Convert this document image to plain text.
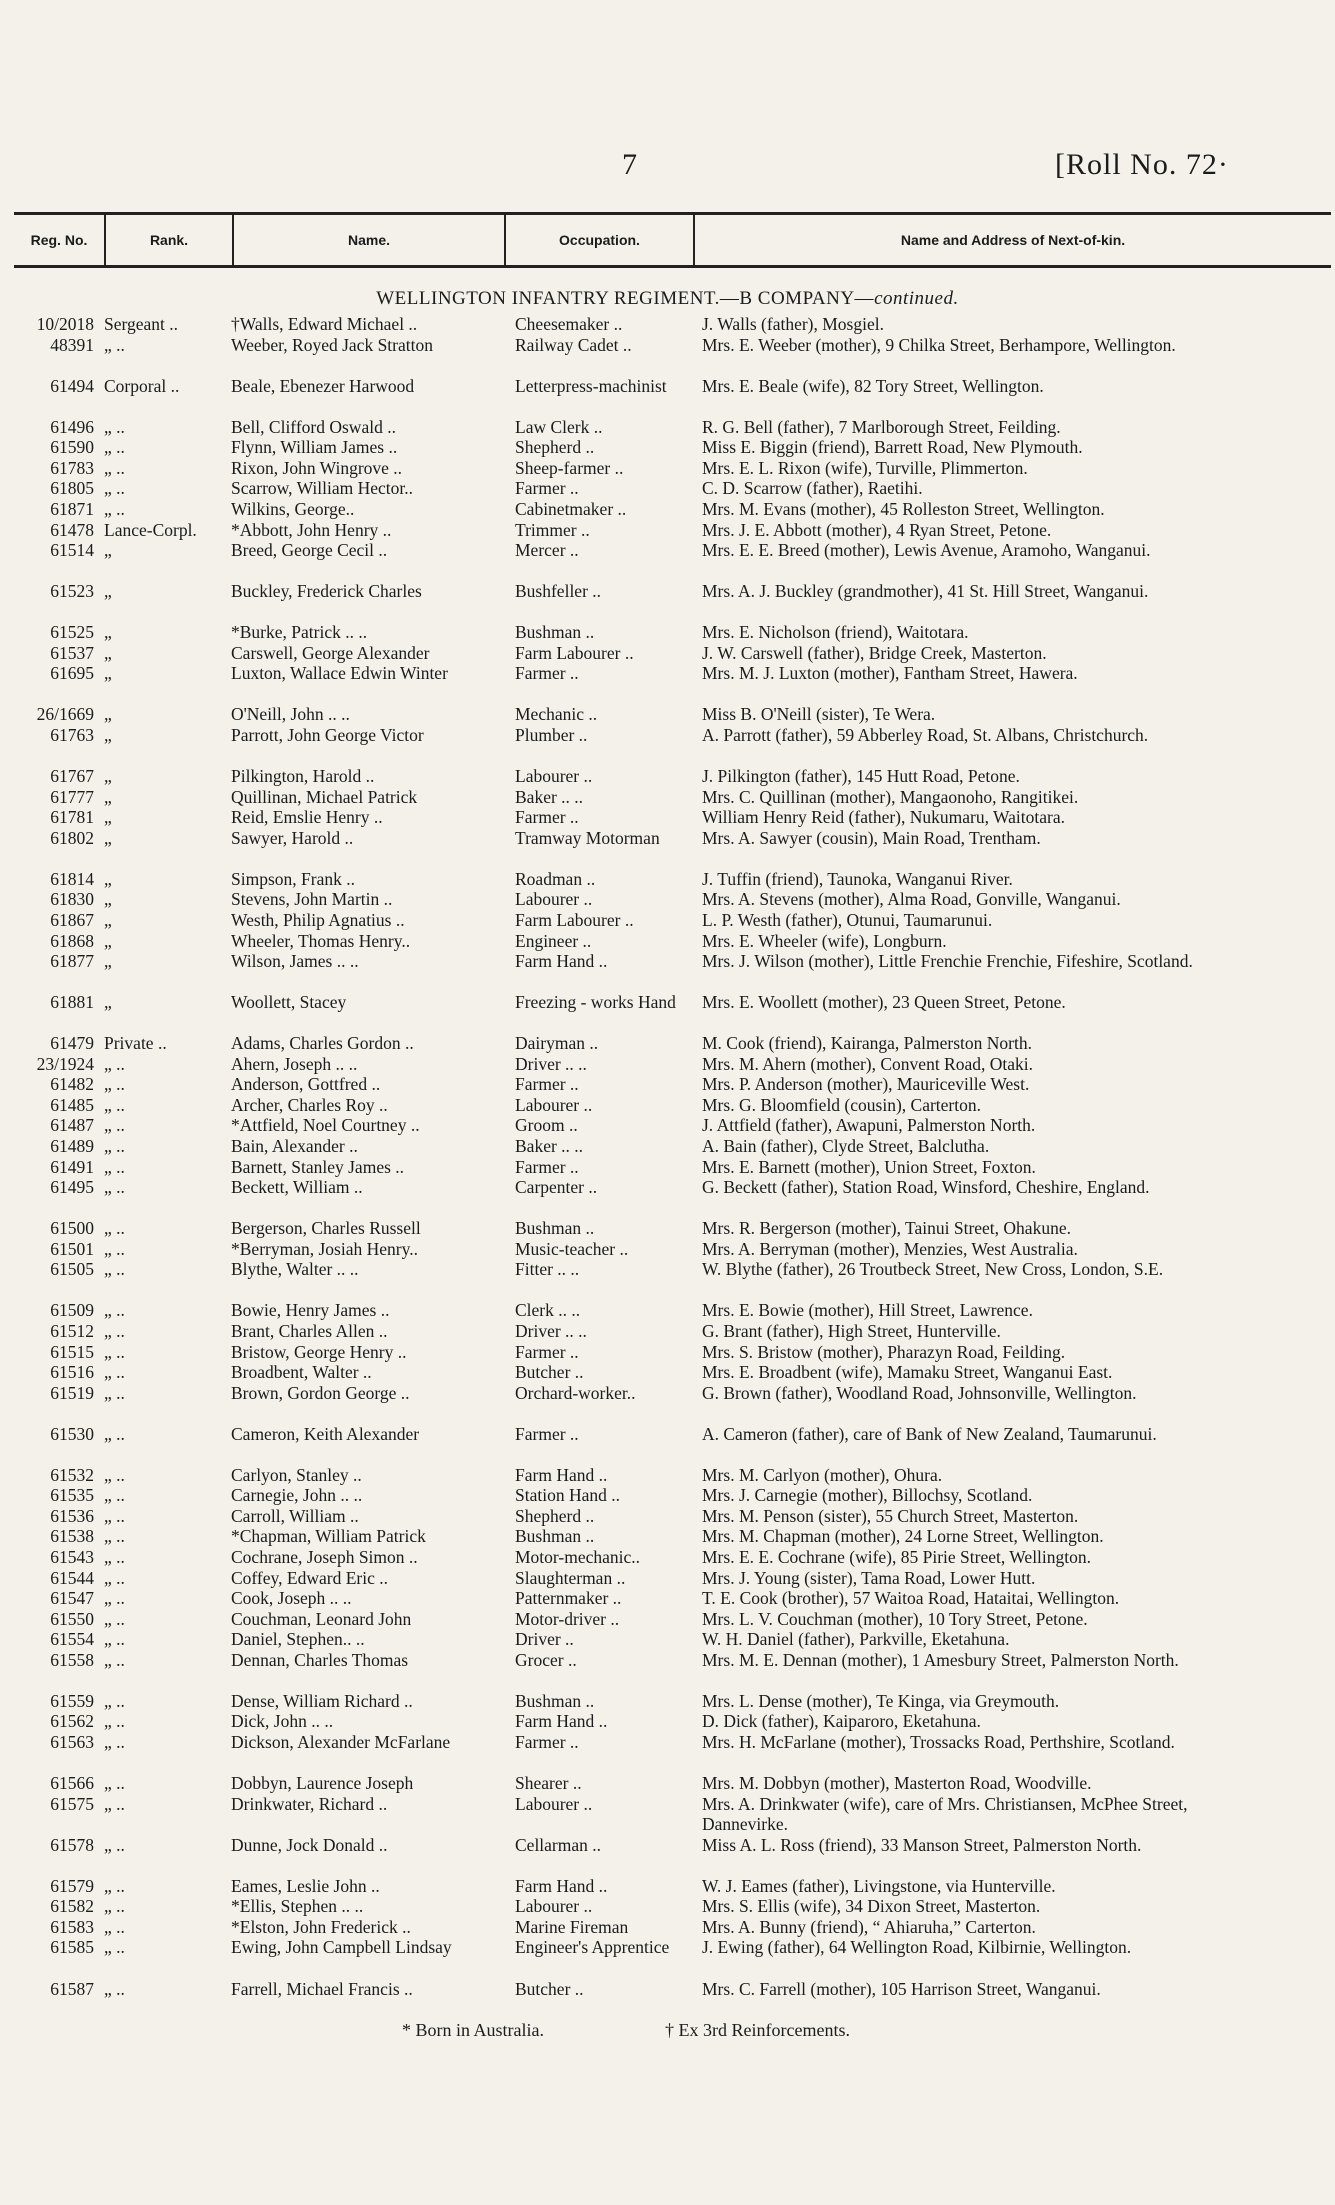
7	[Roll No. 72·
Reg. No.	Rank.	Name.	Occupation.	Name and Address of Next-of-kin.
WELLINGTON INFANTRY REGIMENT.—B COMPANY—continued.
10/2018 Sergeant ..	†Walls, Edward Michael ..	Cheesemaker ..	J. Walls (father), Mosgiel.
48391 „ ..	Weeber, Royed Jack Stratton	Railway Cadet ..	Mrs. E. Weeber (mother), 9 Chilka Street, Berhampore, Wellington.
61494 Corporal ..	Beale, Ebenezer Harwood	Letterpress-machinist	Mrs. E. Beale (wife), 82 Tory Street, Wellington.
61496 „ ..	Bell, Clifford Oswald ..	Law Clerk ..	R. G. Bell (father), 7 Marlborough Street, Feilding.
61590 „ ..	Flynn, William James ..	Shepherd ..	Miss E. Biggin (friend), Barrett Road, New Plymouth.
61783 „ ..	Rixon, John Wingrove ..	Sheep-farmer ..	Mrs. E. L. Rixon (wife), Turville, Plimmerton.
61805 „ ..	Scarrow, William Hector..	Farmer ..	C. D. Scarrow (father), Raetihi.
61871 „ ..	Wilkins, George..	Cabinetmaker ..	Mrs. M. Evans (mother), 45 Rolleston Street, Wellington.
61478 Lance-Corpl.	*Abbott, John Henry ..	Trimmer ..	Mrs. J. E. Abbott (mother), 4 Ryan Street, Petone.
61514 „	Breed, George Cecil ..	Mercer ..	Mrs. E. E. Breed (mother), Lewis Avenue, Aramoho, Wanganui.
61523 „	Buckley, Frederick Charles	Bushfeller ..	Mrs. A. J. Buckley (grandmother), 41 St. Hill Street, Wanganui.
61525 „	*Burke, Patrick .. ..	Bushman ..	Mrs. E. Nicholson (friend), Waitotara.
61537 „	Carswell, George Alexander	Farm Labourer ..	J. W. Carswell (father), Bridge Creek, Masterton.
61695 „	Luxton, Wallace Edwin Winter	Farmer ..	Mrs. M. J. Luxton (mother), Fantham Street, Hawera.
26/1669 „	O'Neill, John .. ..	Mechanic ..	Miss B. O'Neill (sister), Te Wera.
61763 „	Parrott, John George Victor	Plumber ..	A. Parrott (father), 59 Abberley Road, St. Albans, Christchurch.
61767 „	Pilkington, Harold ..	Labourer ..	J. Pilkington (father), 145 Hutt Road, Petone.
61777 „	Quillinan, Michael Patrick	Baker .. ..	Mrs. C. Quillinan (mother), Mangaonoho, Rangitikei.
61781 „	Reid, Emslie Henry ..	Farmer ..	William Henry Reid (father), Nukumaru, Waitotara.
61802 „	Sawyer, Harold ..	Tramway Motorman	Mrs. A. Sawyer (cousin), Main Road, Trentham.
61814 „	Simpson, Frank ..	Roadman ..	J. Tuffin (friend), Taunoka, Wanganui River.
61830 „	Stevens, John Martin ..	Labourer ..	Mrs. A. Stevens (mother), Alma Road, Gonville, Wanganui.
61867 „	Westh, Philip Agnatius ..	Farm Labourer ..	L. P. Westh (father), Otunui, Taumarunui.
61868 „	Wheeler, Thomas Henry..	Engineer ..	Mrs. E. Wheeler (wife), Longburn.
61877 „	Wilson, James .. ..	Farm Hand ..	Mrs. J. Wilson (mother), Little Frenchie Frenchie, Fifeshire, Scotland.
61881 „	Woollett, Stacey	Freezing - works Hand	Mrs. E. Woollett (mother), 23 Queen Street, Petone.
61479 Private ..	Adams, Charles Gordon ..	Dairyman ..	M. Cook (friend), Kairanga, Palmerston North.
23/1924 „ ..	Ahern, Joseph .. ..	Driver .. ..	Mrs. M. Ahern (mother), Convent Road, Otaki.
61482 „ ..	Anderson, Gottfred ..	Farmer ..	Mrs. P. Anderson (mother), Mauriceville West.
61485 „ ..	Archer, Charles Roy ..	Labourer ..	Mrs. G. Bloomfield (cousin), Carterton.
61487 „ ..	*Attfield, Noel Courtney ..	Groom ..	J. Attfield (father), Awapuni, Palmerston North.
61489 „ ..	Bain, Alexander ..	Baker .. ..	A. Bain (father), Clyde Street, Balclutha.
61491 „ ..	Barnett, Stanley James ..	Farmer ..	Mrs. E. Barnett (mother), Union Street, Foxton.
61495 „ ..	Beckett, William ..	Carpenter ..	G. Beckett (father), Station Road, Winsford, Cheshire, England.
61500 „ ..	Bergerson, Charles Russell	Bushman ..	Mrs. R. Bergerson (mother), Tainui Street, Ohakune.
61501 „ ..	*Berryman, Josiah Henry..	Music-teacher ..	Mrs. A. Berryman (mother), Menzies, West Australia.
61505 „ ..	Blythe, Walter .. ..	Fitter .. ..	W. Blythe (father), 26 Troutbeck Street, New Cross, London, S.E.
61509 „ ..	Bowie, Henry James ..	Clerk .. ..	Mrs. E. Bowie (mother), Hill Street, Lawrence.
61512 „ ..	Brant, Charles Allen ..	Driver .. ..	G. Brant (father), High Street, Hunterville.
61515 „ ..	Bristow, George Henry ..	Farmer ..	Mrs. S. Bristow (mother), Pharazyn Road, Feilding.
61516 „ ..	Broadbent, Walter ..	Butcher ..	Mrs. E. Broadbent (wife), Mamaku Street, Wanganui East.
61519 „ ..	Brown, Gordon George ..	Orchard-worker..	G. Brown (father), Woodland Road, Johnsonville, Wellington.
61530 „ ..	Cameron, Keith Alexander	Farmer ..	A. Cameron (father), care of Bank of New Zealand, Taumarunui.
61532 „ ..	Carlyon, Stanley ..	Farm Hand ..	Mrs. M. Carlyon (mother), Ohura.
61535 „ ..	Carnegie, John .. ..	Station Hand ..	Mrs. J. Carnegie (mother), Billochsy, Scotland.
61536 „ ..	Carroll, William ..	Shepherd ..	Mrs. M. Penson (sister), 55 Church Street, Masterton.
61538 „ ..	*Chapman, William Patrick	Bushman ..	Mrs. M. Chapman (mother), 24 Lorne Street, Wellington.
61543 „ ..	Cochrane, Joseph Simon ..	Motor-mechanic..	Mrs. E. E. Cochrane (wife), 85 Pirie Street, Wellington.
61544 „ ..	Coffey, Edward Eric ..	Slaughterman ..	Mrs. J. Young (sister), Tama Road, Lower Hutt.
61547 „ ..	Cook, Joseph .. ..	Patternmaker ..	T. E. Cook (brother), 57 Waitoa Road, Hataitai, Wellington.
61550 „ ..	Couchman, Leonard John	Motor-driver ..	Mrs. L. V. Couchman (mother), 10 Tory Street, Petone.
61554 „ ..	Daniel, Stephen.. ..	Driver ..	W. H. Daniel (father), Parkville, Eketahuna.
61558 „ ..	Dennan, Charles Thomas	Grocer ..	Mrs. M. E. Dennan (mother), 1 Amesbury Street, Palmerston North.
61559 „ ..	Dense, William Richard ..	Bushman ..	Mrs. L. Dense (mother), Te Kinga, via Greymouth.
61562 „ ..	Dick, John .. ..	Farm Hand ..	D. Dick (father), Kaiparoro, Eketahuna.
61563 „ ..	Dickson, Alexander McFarlane	Farmer ..	Mrs. H. McFarlane (mother), Trossacks Road, Perthshire, Scotland.
61566 „ ..	Dobbyn, Laurence Joseph	Shearer ..	Mrs. M. Dobbyn (mother), Masterton Road, Woodville.
61575 „ ..	Drinkwater, Richard ..	Labourer ..	Mrs. A. Drinkwater (wife), care of Mrs. Christiansen, McPhee Street, Dannevirke.
61578 „ ..	Dunne, Jock Donald ..	Cellarman ..	Miss A. L. Ross (friend), 33 Manson Street, Palmerston North.
61579 „ ..	Eames, Leslie John ..	Farm Hand ..	W. J. Eames (father), Livingstone, via Hunterville.
61582 „ ..	*Ellis, Stephen .. ..	Labourer ..	Mrs. S. Ellis (wife), 34 Dixon Street, Masterton.
61583 „ ..	*Elston, John Frederick ..	Marine Fireman	Mrs. A. Bunny (friend), “ Ahiaruha,” Carterton.
61585 „ ..	Ewing, John Campbell Lindsay	Engineer's Apprentice	J. Ewing (father), 64 Wellington Road, Kilbirnie, Wellington.
61587 „ ..	Farrell, Michael Francis ..	Butcher ..	Mrs. C. Farrell (mother), 105 Harrison Street, Wanganui.
* Born in Australia.	† Ex 3rd Reinforcements.
